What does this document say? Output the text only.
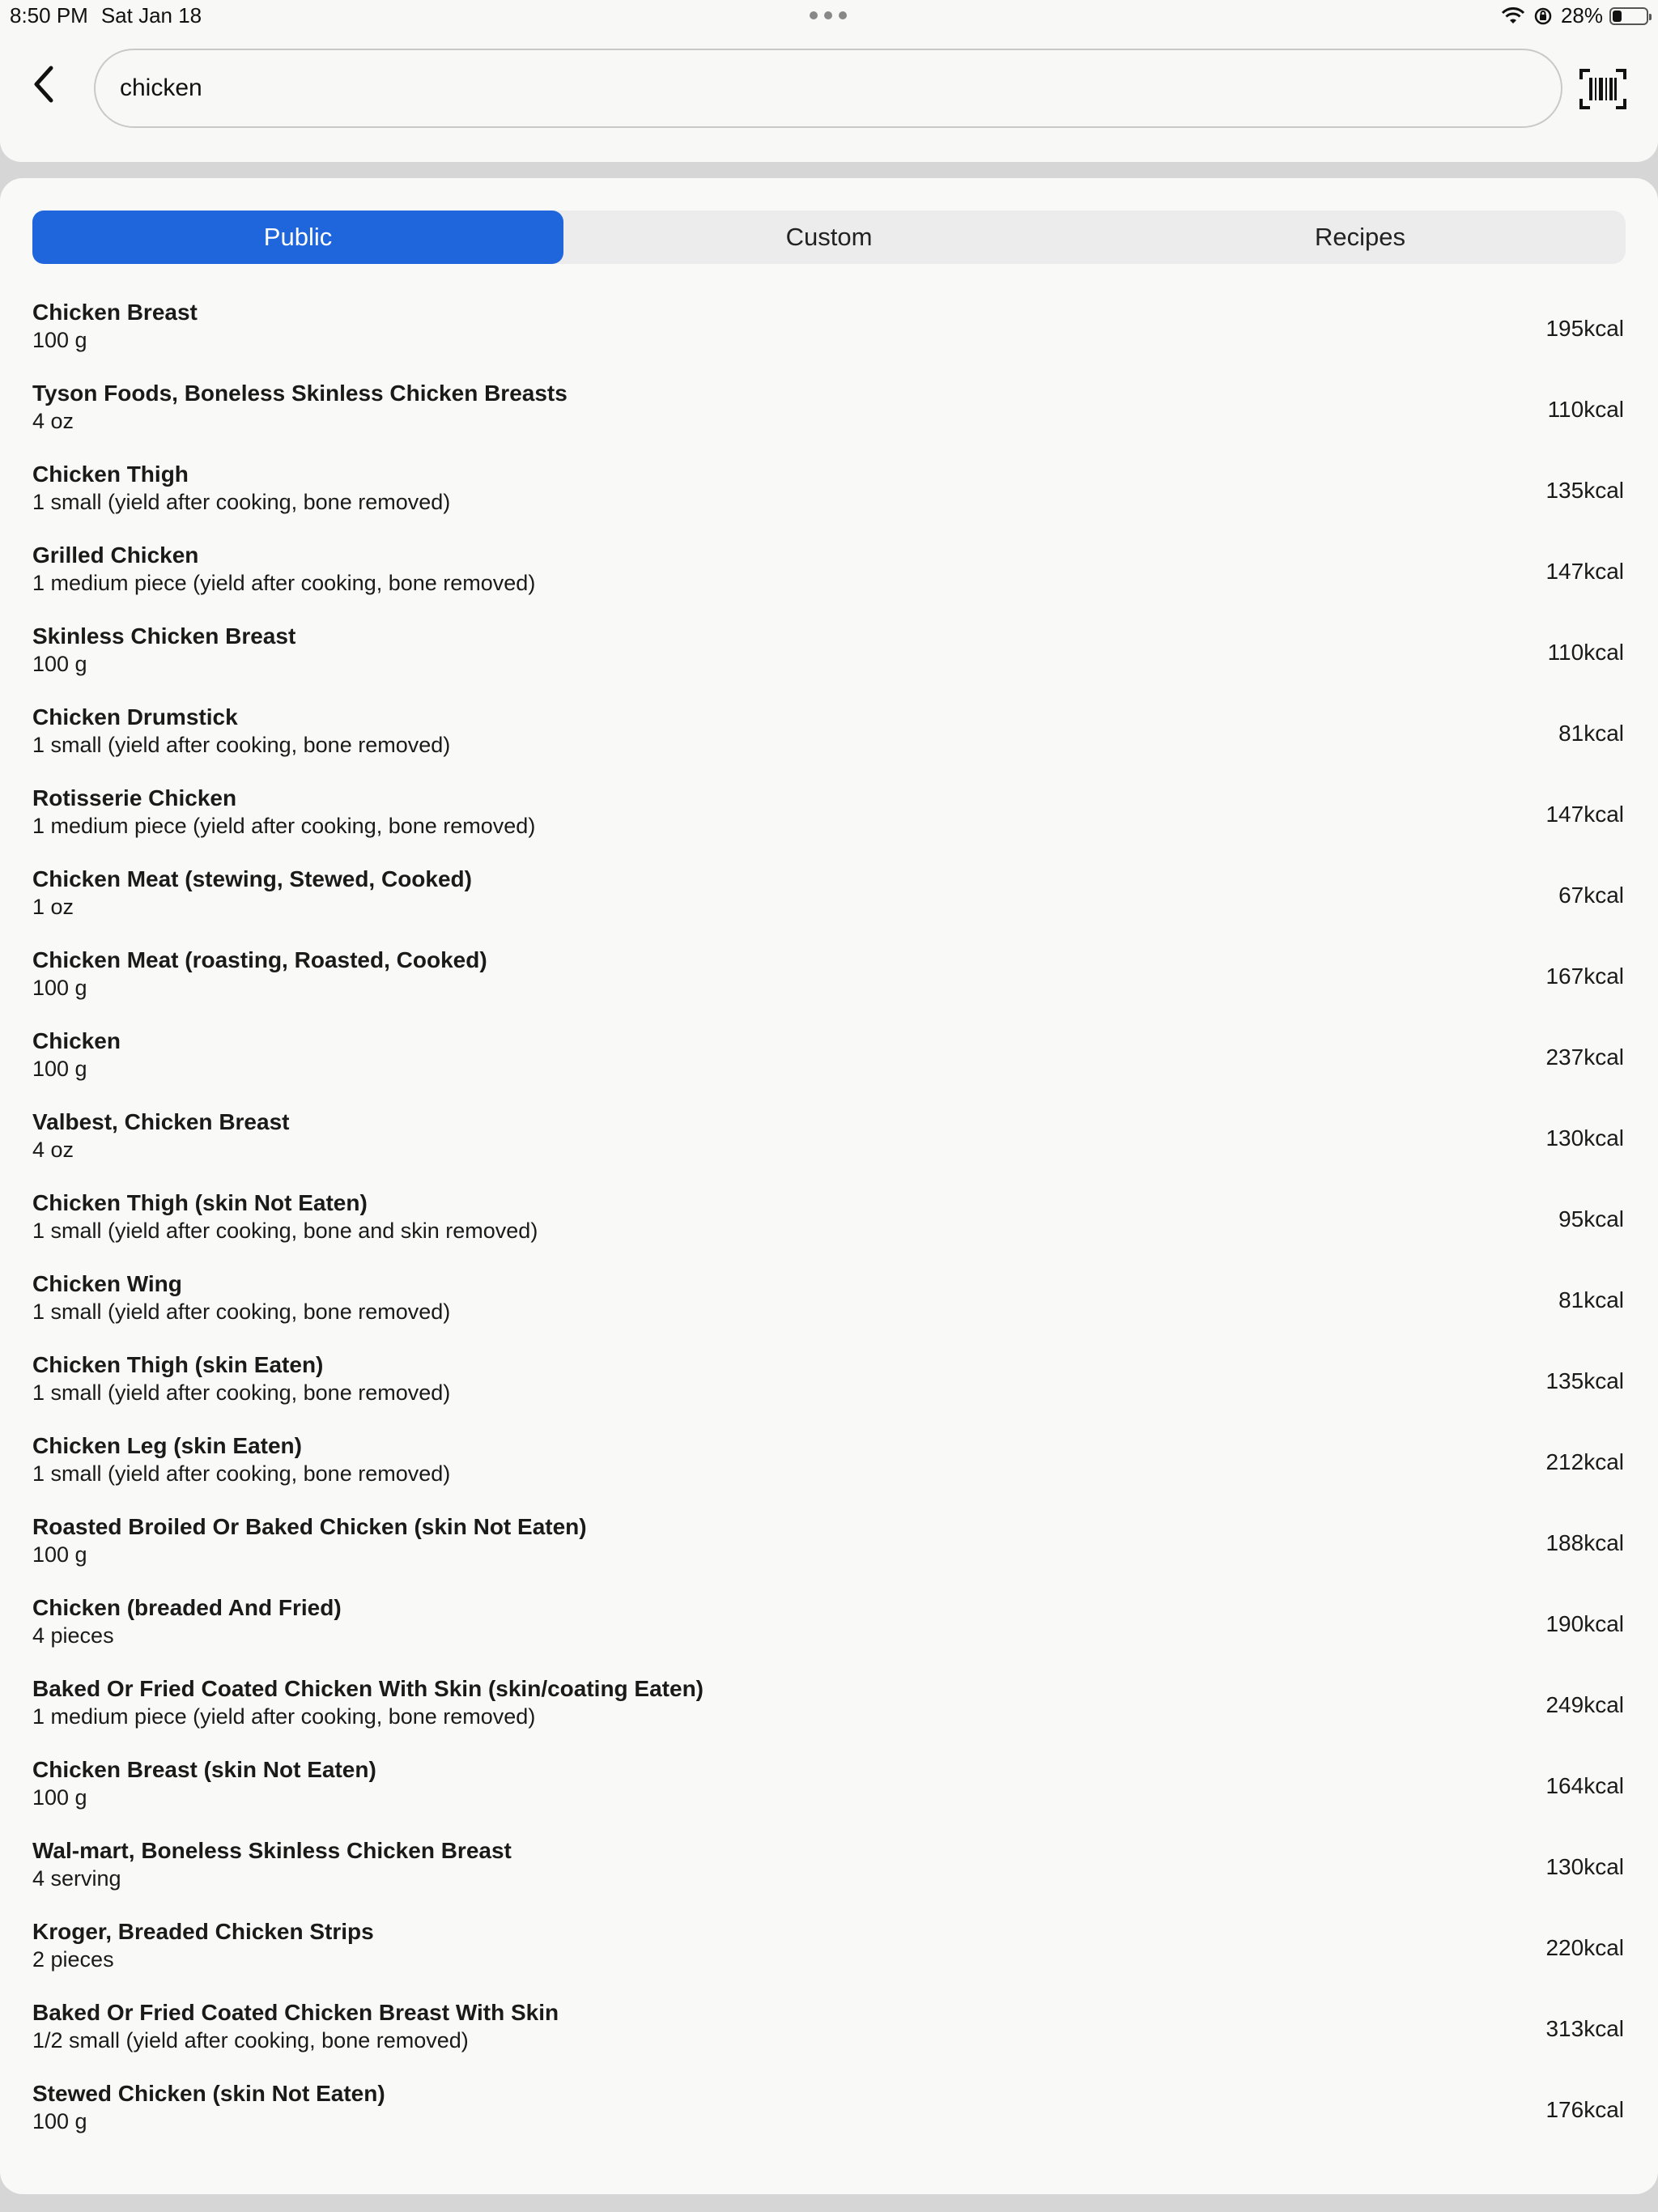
8:50 PM Sat Jan 18	28%
chicken
Public	Custom	Recipes
Chicken Breast
100 g	195kcal
Tyson Foods, Boneless Skinless Chicken Breasts
4 oz	110kcal
Chicken Thigh
1 small (yield after cooking, bone removed)	135kcal
Grilled Chicken
1 medium piece (yield after cooking, bone removed)	147kcal
Skinless Chicken Breast
100 g	110kcal
Chicken Drumstick
1 small (yield after cooking, bone removed)	81kcal
Rotisserie Chicken
1 medium piece (yield after cooking, bone removed)	147kcal
Chicken Meat (stewing, Stewed, Cooked)
1 oz	67kcal
Chicken Meat (roasting, Roasted, Cooked)
100 g	167kcal
Chicken
100 g	237kcal
Valbest, Chicken Breast
4 oz	130kcal
Chicken Thigh (skin Not Eaten)
1 small (yield after cooking, bone and skin removed)	95kcal
Chicken Wing
1 small (yield after cooking, bone removed)	81kcal
Chicken Thigh (skin Eaten)
1 small (yield after cooking, bone removed)	135kcal
Chicken Leg (skin Eaten)
1 small (yield after cooking, bone removed)	212kcal
Roasted Broiled Or Baked Chicken (skin Not Eaten)
100 g	188kcal
Chicken (breaded And Fried)
4 pieces	190kcal
Baked Or Fried Coated Chicken With Skin (skin/coating Eaten)
1 medium piece (yield after cooking, bone removed)	249kcal
Chicken Breast (skin Not Eaten)
100 g	164kcal
Wal-mart, Boneless Skinless Chicken Breast
4 serving	130kcal
Kroger, Breaded Chicken Strips
2 pieces	220kcal
Baked Or Fried Coated Chicken Breast With Skin
1/2 small (yield after cooking, bone removed)	313kcal
Stewed Chicken (skin Not Eaten)
100 g	176kcal
